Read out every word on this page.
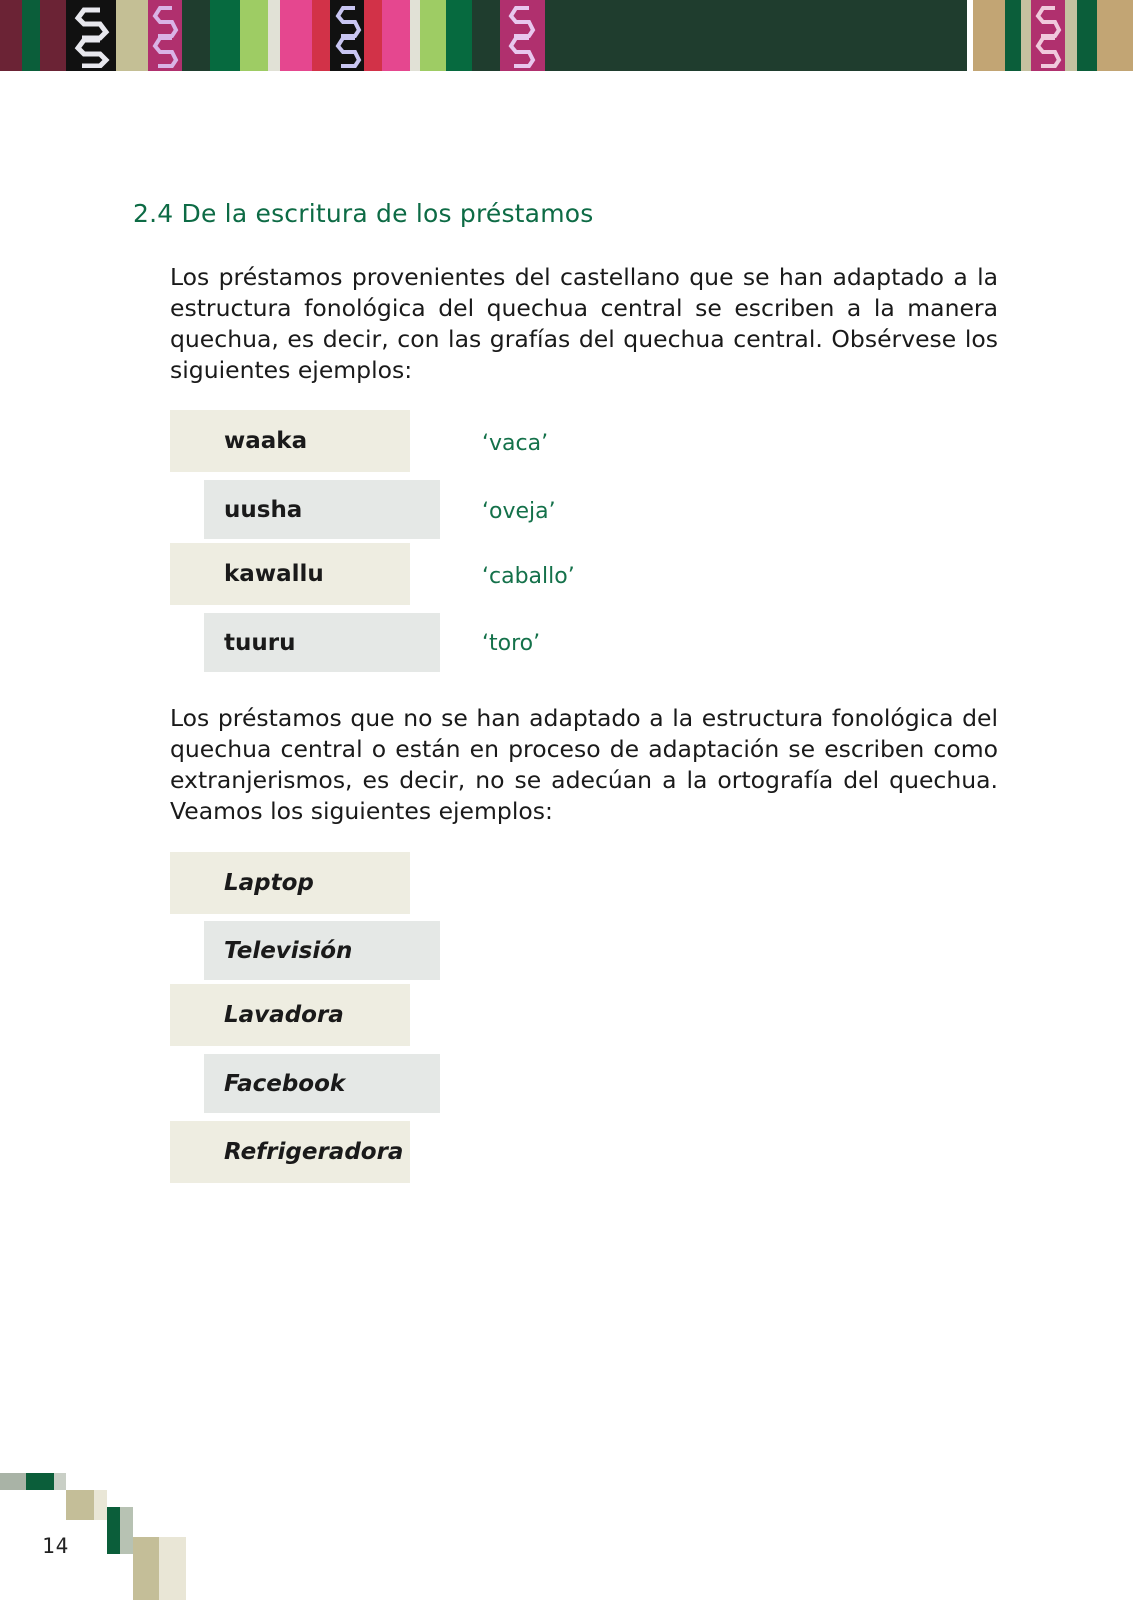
2.4 De la escritura de los préstamos
Los préstamos provenientes del castellano que se han adaptado a la estructura fonológica del quechua central se escriben a la manera quechua, es decir, con las grafías del quechua central. Obsérvese los siguientes ejemplos:
waaka	‘vaca’
uusha	‘oveja’
kawallu	‘caballo’
tuuru	‘toro’
Los préstamos que no se han adaptado a la estructura fonológica del quechua central o están en proceso de adaptación se escriben como extranjerismos, es decir, no se adecúan a la ortografía del quechua. Veamos los siguientes ejemplos:
Laptop
Televisión
Lavadora
Facebook
Refrigeradora
14
